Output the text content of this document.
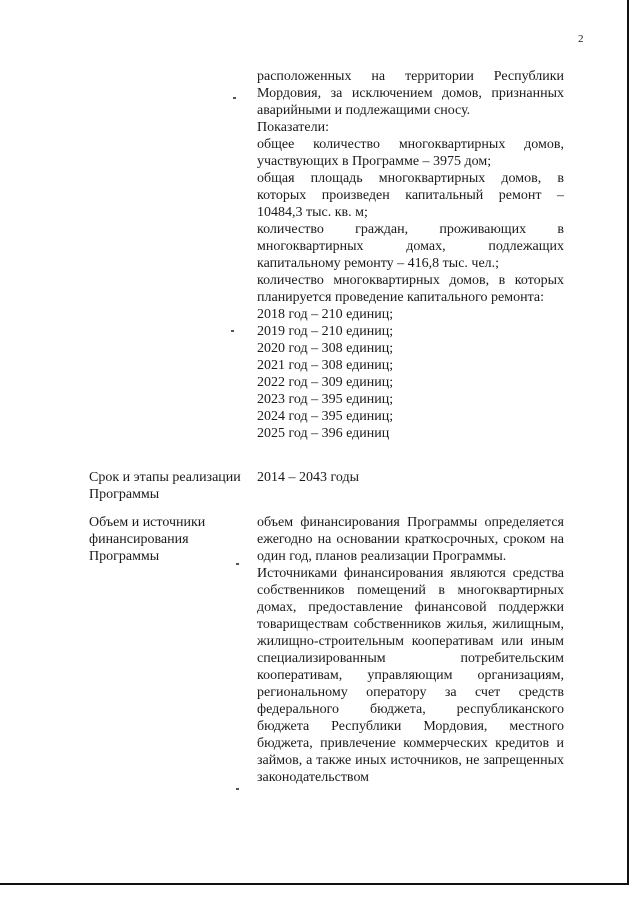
2

расположенных на территории Республики Мордовия, за исключением домов, признанных аварийными и подлежащими сносу.

Показатели:

общее количество многоквартирных домов, участвующих в Программе – 3975 дом;

общая площадь многоквартирных домов, в которых произведен капитальный ремонт – 10484,3 тыс. кв. м;

количество граждан, проживающих в многоквартирных домах, подлежащих капитальному ремонту – 416,8 тыс. чел.;

количество многоквартирных домов, в которых планируется проведение капитального ремонта:

2018 год – 210 единиц;

2019 год – 210 единиц;

2020 год – 308 единиц;

2021 год – 308 единиц;

2022 год – 309 единиц;

2023 год – 395 единиц;

2024 год – 395 единиц;

2025 год – 396 единиц

Срок и этапы реализации Программы
2014 – 2043 годы
Объем и источники финансирования Программы

объем финансирования Программы определяется ежегодно на основании краткосрочных, сроком на один год, планов реализации Программы.

Источниками финансирования являются средства собственников помещений в многоквартирных домах, предоставление финансовой поддержки товариществам собственников жилья, жилищным, жилищно-строительным кооперативам или иным специализированным потребительским кооперативам, управляющим организациям, региональному оператору за счет средств федерального бюджета, республиканского бюджета Республики Мордовия, местного бюджета, привлечение коммерческих кредитов и займов, а также иных источников, не запрещенных законодательством
